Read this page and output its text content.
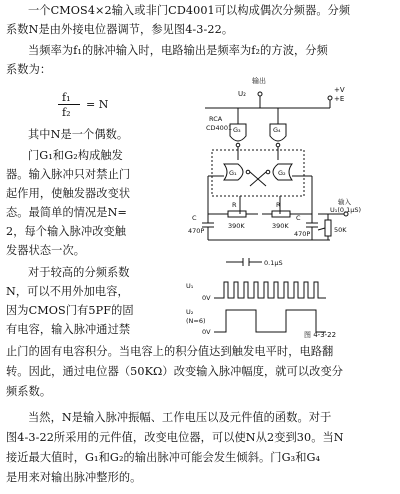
一个CMOS4×2输入或非门CD4001可以构成偶次分频器。分频
系数N是由外接电位器调节，参见图4-3-22。
当频率为f₁的脉冲输入时，电路输出是频率为f₂的方波，分频
系数为：
f₁
f₂
= N
其中N是一个偶数。
门G₁和G₂构成触发
器。输入脉冲只对禁止门
起作用，使触发器改变状
态。最简单的情况是N=
2，每个输入脉冲改变触
发器状态一次。
对于较高的分频系数
N，可以不用外加电容，
因为CMOS门有5PF的固
有电容，输入脉冲通过禁
止门的固有电容积分。当电容上的积分值达到触发电平时，电路翻
转。因此，通过电位器（50KΩ）改变输入脉冲幅度，就可以改变分
频系数。
当然，N是输入脉冲振幅、工作电压以及元件值的函数。对于
图4-3-22所采用的元件值，改变电位器，可以使N从2变到30。当N
接近最大值时，G₁和G₂的输出脉冲可能会发生倾斜。门G₃和G₄
是用来对输出脉冲整形的。
输出
U₂	+V
+E
RCA
CD4001 G₃	G₄
G₁	G₂
R
390K
R
390K
C
470P
C
470P
输入
U₁(0.1μS)
50K
0.1μS
U₁
0V
U₂
(N=6)
0V	图 4-3-22
